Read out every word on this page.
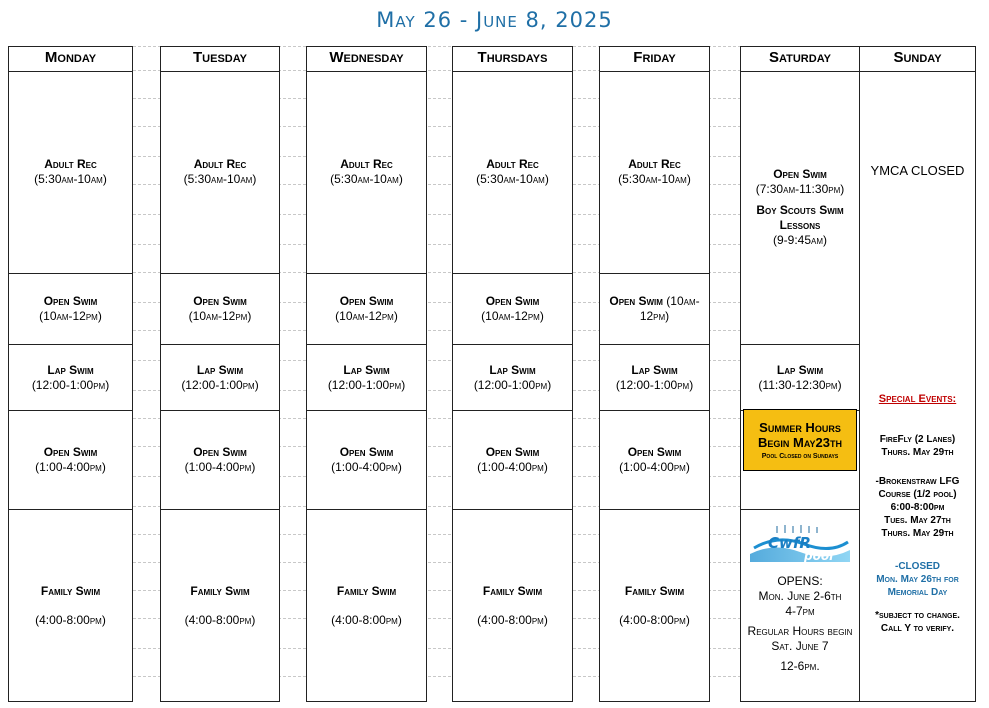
May 26 - June 8, 2025
Monday
Adult Rec
(5:30am-10am)
Open Swim
(10am-12pm)
Lap Swim
(12:00-1:00pm)
Open Swim
(1:00-4:00pm)
Family Swim
(4:00-8:00pm)
Tuesday
Adult Rec
(5:30am-10am)
Open Swim
(10am-12pm)
Lap Swim
(12:00-1:00pm)
Open Swim
(1:00-4:00pm)
Family Swim
(4:00-8:00pm)
Wednesday
Adult Rec
(5:30am-10am)
Open Swim
(10am-12pm)
Lap Swim
(12:00-1:00pm)
Open Swim
(1:00-4:00pm)
Family Swim
(4:00-8:00pm)
Thursdays
Adult Rec
(5:30am-10am)
Open Swim
(10am-12pm)
Lap Swim
(12:00-1:00pm)
Open Swim
(1:00-4:00pm)
Family Swim
(4:00-8:00pm)
Friday
Adult Rec
(5:30am-10am)
Open Swim (10am-12pm)
Lap Swim
(12:00-1:00pm)
Open Swim
(1:00-4:00pm)
Family Swim
(4:00-8:00pm)
Saturday
Open Swim
(7:30am-11:30pm)
Boy Scouts Swim Lessons
(9-9:45am)
Lap Swim
(11:30-12:30pm)
Summer Hours
Begin May23th
Pool Closed on Sundays
CwfR
pool
OPENS:
Mon. June 2-6th
4-7pm
Regular Hours begin Sat. June 7
12-6pm.
Sunday
YMCA CLOSED
Special Events:
FireFly (2 Lanes)
Thurs. May 29th
-Brokenstraw LFG Course (1/2 pool)
6:00-8:00pm
Tues. May 27th
Thurs. May 29th
-CLOSED
Mon. May 26th for Memorial Day
*subject to change.
Call Y to verify.
